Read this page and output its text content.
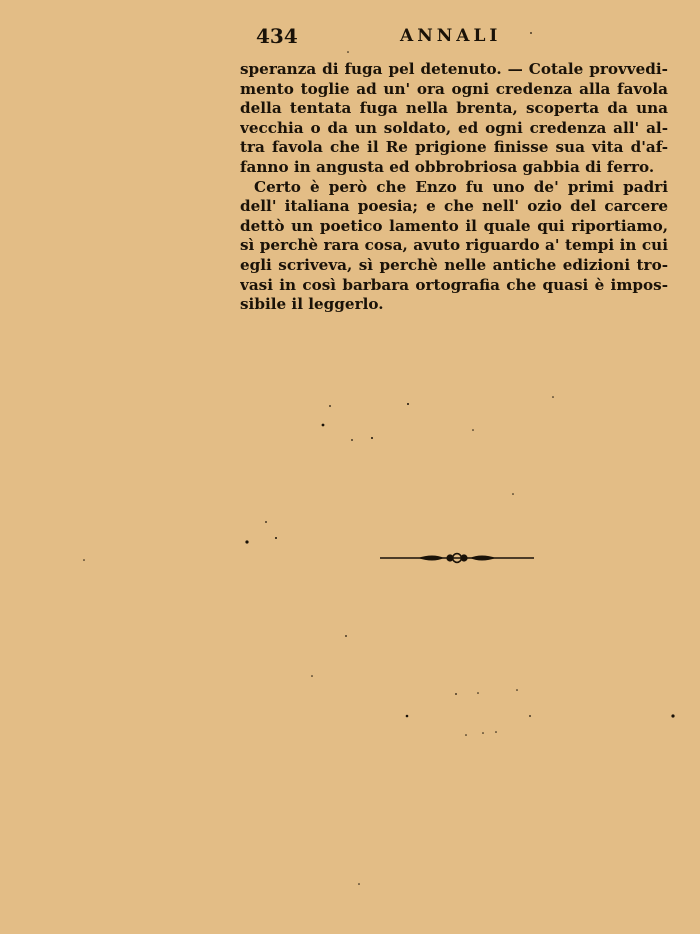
434	ANNALI
speranza di fuga pel detenuto. — Cotale provvedi-
mento toglie ad un' ora ogni credenza alla favola
della tentata fuga nella brenta, scoperta da una
vecchia o da un soldato, ed ogni credenza all' al-
tra favola che il Re prigione finisse sua vita d'af-
fanno in angusta ed obbrobriosa gabbia di ferro.
Certo è però che Enzo fu uno de' primi padri
dell' italiana poesia; e che nell' ozio del carcere
dettò un poetico lamento il quale qui riportiamo,
sì perchè rara cosa, avuto riguardo a' tempi in cui
egli scriveva, sì perchè nelle antiche edizioni tro-
vasi in così barbara ortografia che quasi è impos-
sibile il leggerlo.
